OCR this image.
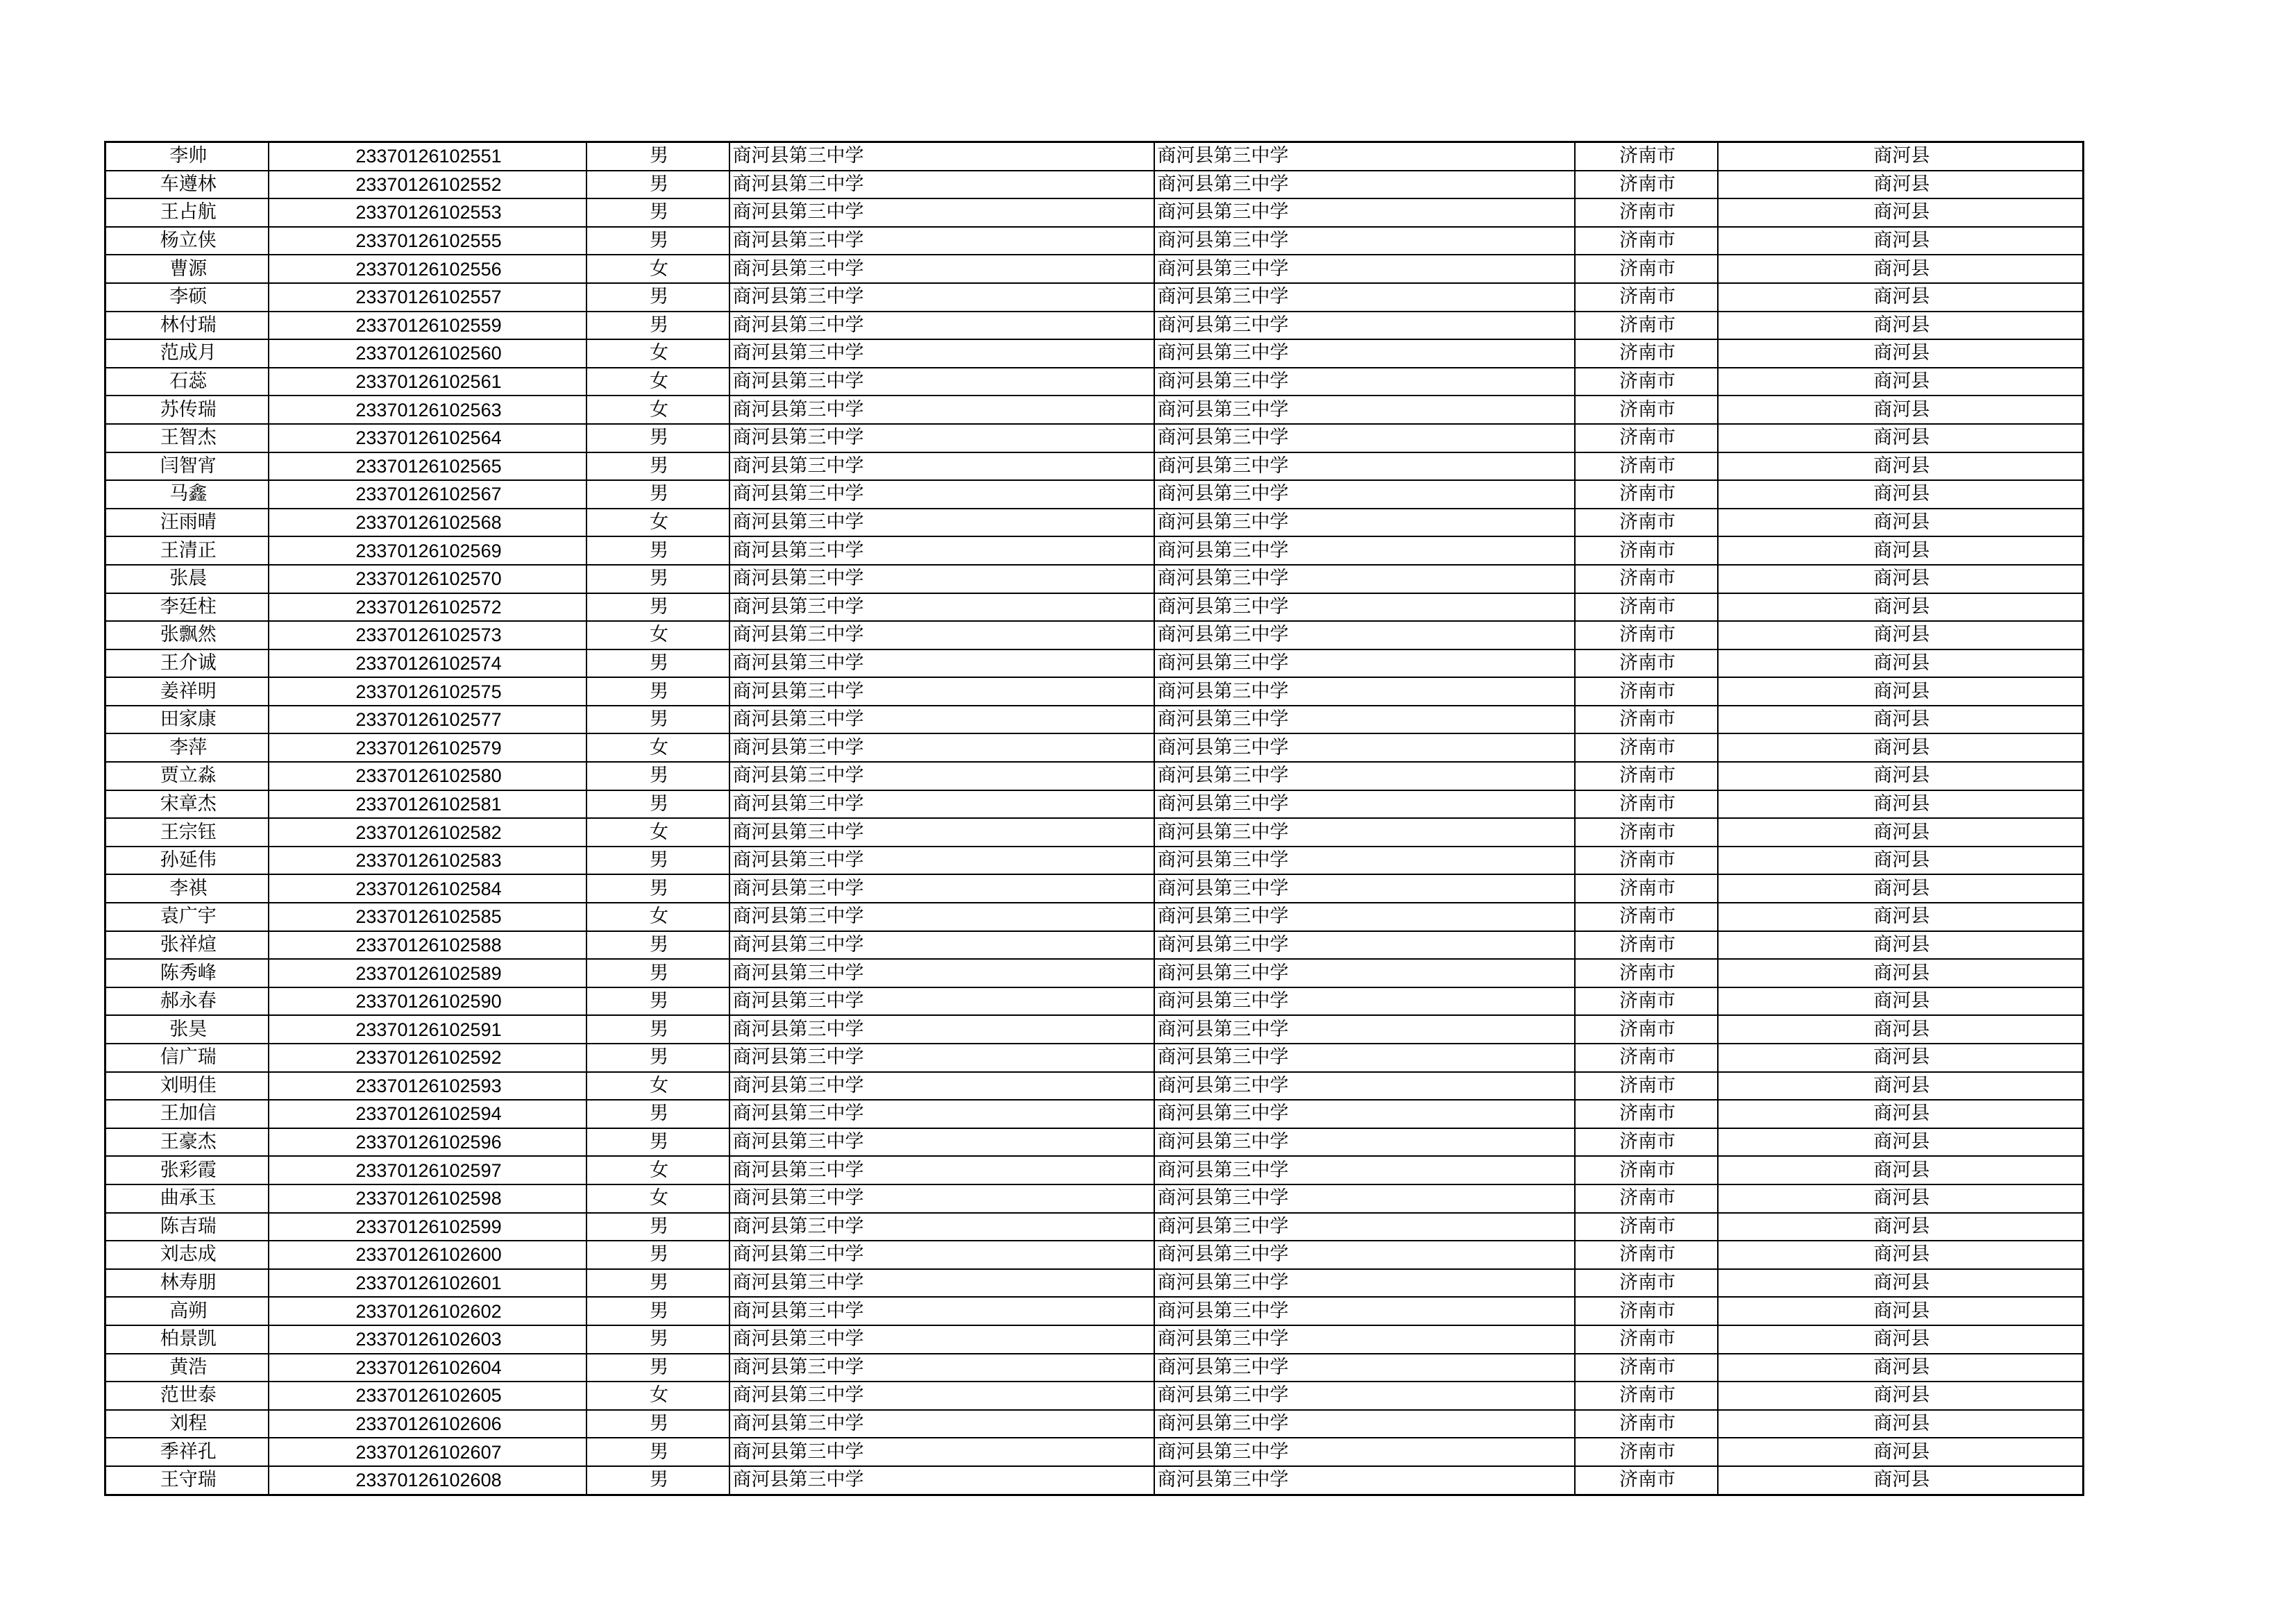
李帅	23370126102551	男	商河县第三中学	商河县第三中学	济南市	商河县
车遵林	23370126102552	男	商河县第三中学	商河县第三中学	济南市	商河县
王占航	23370126102553	男	商河县第三中学	商河县第三中学	济南市	商河县
杨立侠	23370126102555	男	商河县第三中学	商河县第三中学	济南市	商河县
曹源	23370126102556	女	商河县第三中学	商河县第三中学	济南市	商河县
李硕	23370126102557	男	商河县第三中学	商河县第三中学	济南市	商河县
林付瑞	23370126102559	男	商河县第三中学	商河县第三中学	济南市	商河县
范成月	23370126102560	女	商河县第三中学	商河县第三中学	济南市	商河县
石蕊	23370126102561	女	商河县第三中学	商河县第三中学	济南市	商河县
苏传瑞	23370126102563	女	商河县第三中学	商河县第三中学	济南市	商河县
王智杰	23370126102564	男	商河县第三中学	商河县第三中学	济南市	商河县
闫智宵	23370126102565	男	商河县第三中学	商河县第三中学	济南市	商河县
马鑫	23370126102567	男	商河县第三中学	商河县第三中学	济南市	商河县
汪雨晴	23370126102568	女	商河县第三中学	商河县第三中学	济南市	商河县
王清正	23370126102569	男	商河县第三中学	商河县第三中学	济南市	商河县
张晨	23370126102570	男	商河县第三中学	商河县第三中学	济南市	商河县
李廷柱	23370126102572	男	商河县第三中学	商河县第三中学	济南市	商河县
张飘然	23370126102573	女	商河县第三中学	商河县第三中学	济南市	商河县
王介诚	23370126102574	男	商河县第三中学	商河县第三中学	济南市	商河县
姜祥明	23370126102575	男	商河县第三中学	商河县第三中学	济南市	商河县
田家康	23370126102577	男	商河县第三中学	商河县第三中学	济南市	商河县
李萍	23370126102579	女	商河县第三中学	商河县第三中学	济南市	商河县
贾立淼	23370126102580	男	商河县第三中学	商河县第三中学	济南市	商河县
宋章杰	23370126102581	男	商河县第三中学	商河县第三中学	济南市	商河县
王宗钰	23370126102582	女	商河县第三中学	商河县第三中学	济南市	商河县
孙延伟	23370126102583	男	商河县第三中学	商河县第三中学	济南市	商河县
李祺	23370126102584	男	商河县第三中学	商河县第三中学	济南市	商河县
袁广宇	23370126102585	女	商河县第三中学	商河县第三中学	济南市	商河县
张祥煊	23370126102588	男	商河县第三中学	商河县第三中学	济南市	商河县
陈秀峰	23370126102589	男	商河县第三中学	商河县第三中学	济南市	商河县
郝永春	23370126102590	男	商河县第三中学	商河县第三中学	济南市	商河县
张昊	23370126102591	男	商河县第三中学	商河县第三中学	济南市	商河县
信广瑞	23370126102592	男	商河县第三中学	商河县第三中学	济南市	商河县
刘明佳	23370126102593	女	商河县第三中学	商河县第三中学	济南市	商河县
王加信	23370126102594	男	商河县第三中学	商河县第三中学	济南市	商河县
王豪杰	23370126102596	男	商河县第三中学	商河县第三中学	济南市	商河县
张彩霞	23370126102597	女	商河县第三中学	商河县第三中学	济南市	商河县
曲承玉	23370126102598	女	商河县第三中学	商河县第三中学	济南市	商河县
陈吉瑞	23370126102599	男	商河县第三中学	商河县第三中学	济南市	商河县
刘志成	23370126102600	男	商河县第三中学	商河县第三中学	济南市	商河县
林寿朋	23370126102601	男	商河县第三中学	商河县第三中学	济南市	商河县
高朔	23370126102602	男	商河县第三中学	商河县第三中学	济南市	商河县
柏景凯	23370126102603	男	商河县第三中学	商河县第三中学	济南市	商河县
黄浩	23370126102604	男	商河县第三中学	商河县第三中学	济南市	商河县
范世泰	23370126102605	女	商河县第三中学	商河县第三中学	济南市	商河县
刘程	23370126102606	男	商河县第三中学	商河县第三中学	济南市	商河县
季祥孔	23370126102607	男	商河县第三中学	商河县第三中学	济南市	商河县
王守瑞	23370126102608	男	商河县第三中学	商河县第三中学	济南市	商河县
